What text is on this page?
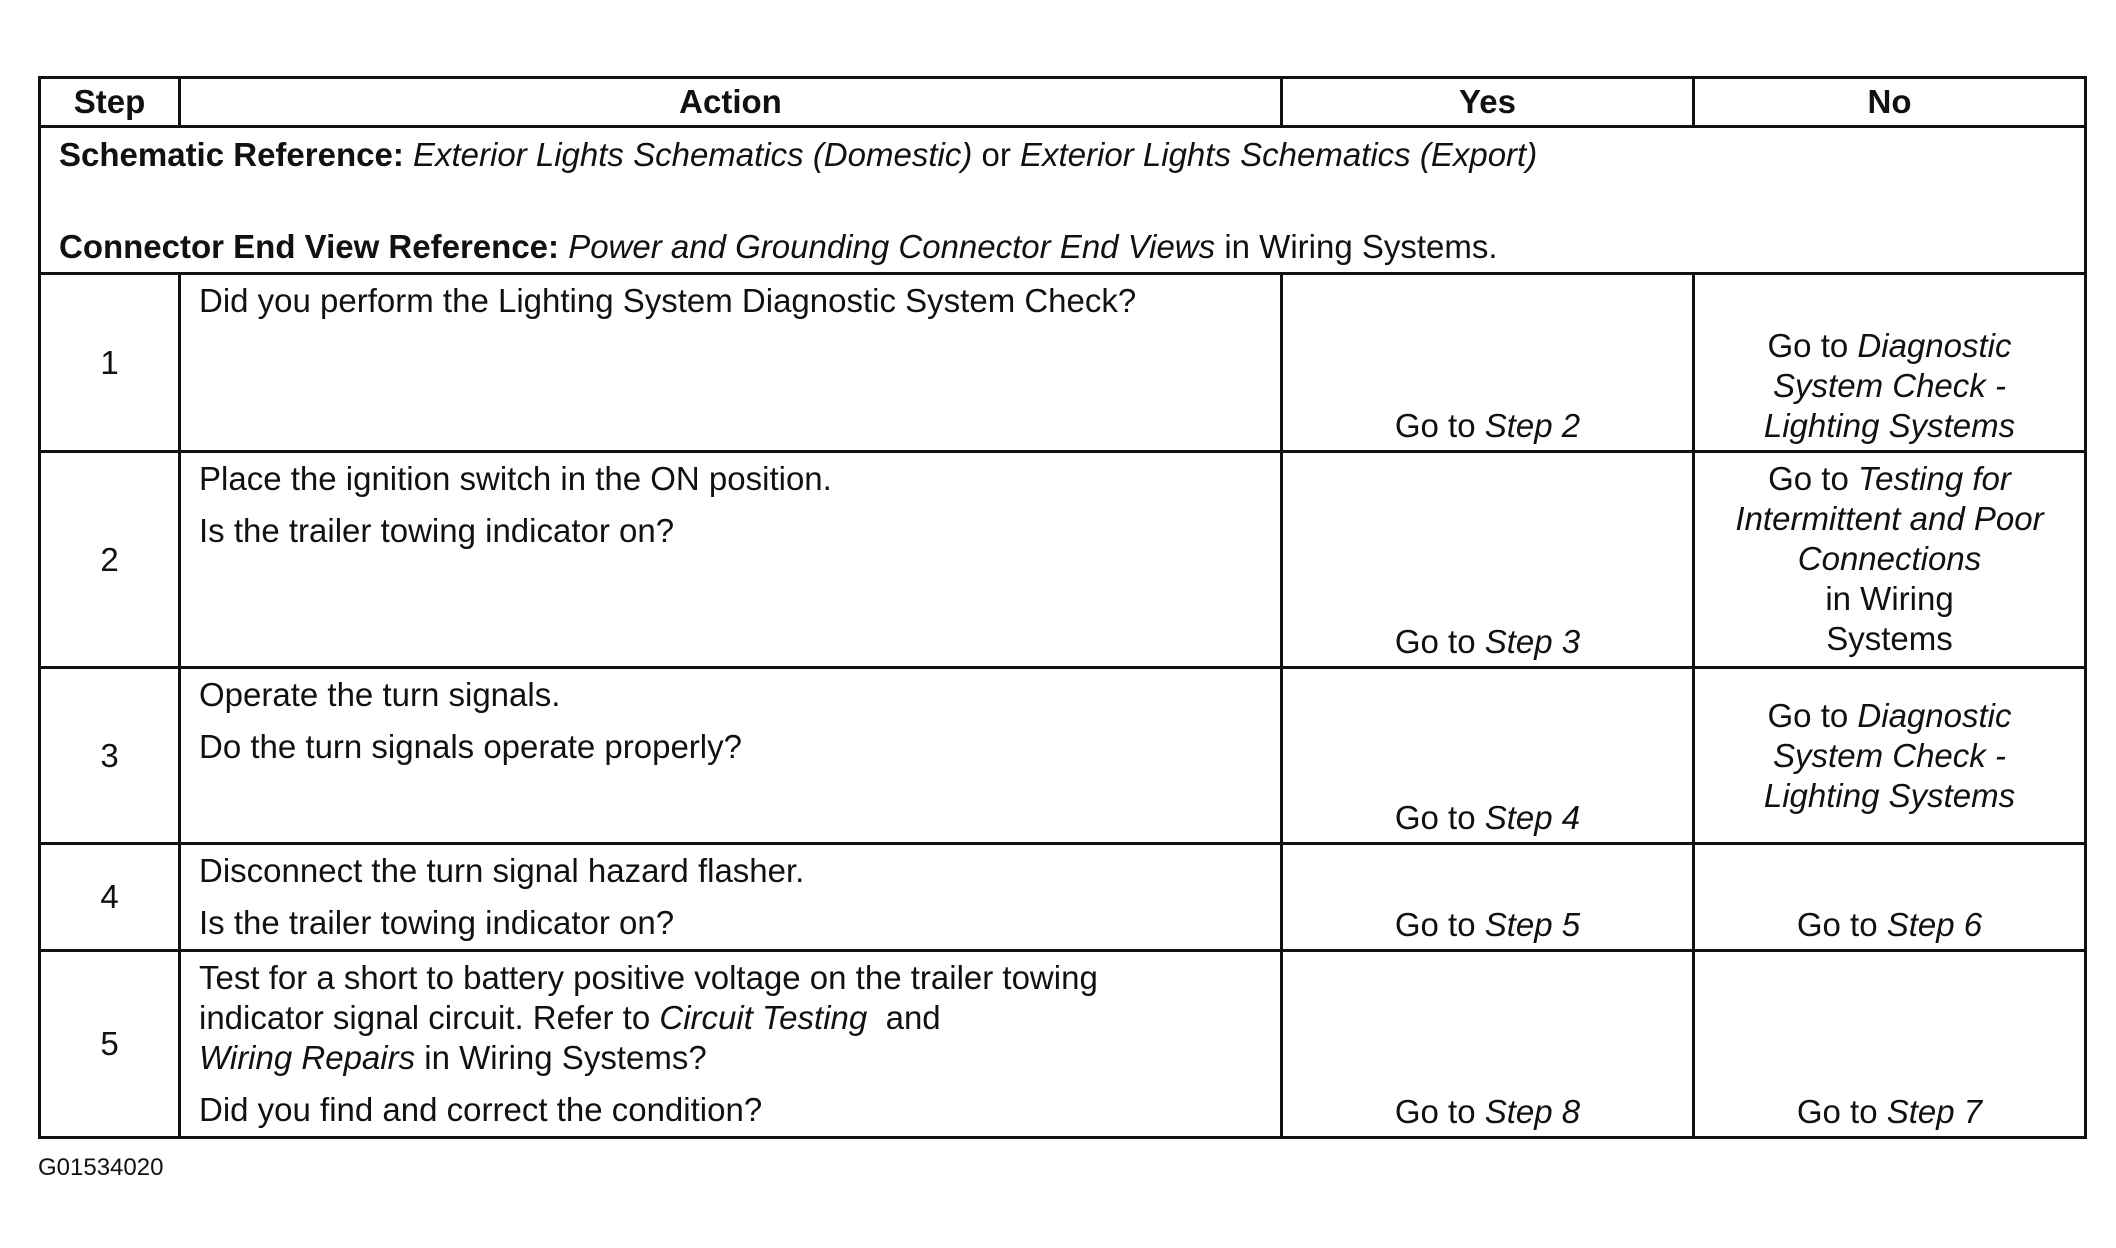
Step	Action	Yes	No

Schematic Reference: Exterior Lights Schematics (Domestic) or Exterior Lights Schematics (Export)
Connector End View Reference: Power and Grounding Connector End Views in Wiring Systems.			

1	Did you perform the Lighting System Diagnostic System Check?	Go to Step 2	Go to Diagnostic
System Check -
Lighting Systems
2	Place the ignition switch in the ON position.
Is the trailer towing indicator on?	Go to Step 3	Go to Testing for
Intermittent and Poor
Connections
in Wiring
Systems
3	Operate the turn signals.
Do the turn signals operate properly?	Go to Step 4	Go to Diagnostic
System Check -
Lighting Systems
4	Disconnect the turn signal hazard flasher.
Is the trailer towing indicator on?	Go to Step 5	Go to Step 6
5	Test for a short to battery positive voltage on the trailer towing
indicator signal circuit. Refer to Circuit Testing and
Wiring Repairs in Wiring Systems?
Did you find and correct the condition?	Go to Step 8	Go to Step 7
G01534020
